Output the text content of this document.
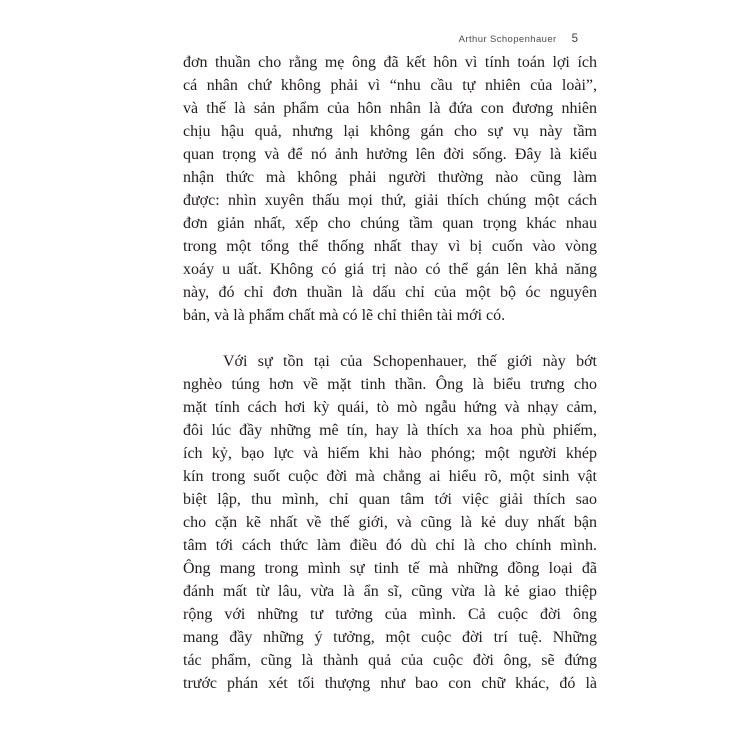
Arthur Schopenhauer 5
đơn thuần cho rằng mẹ ông đã kết hôn vì tính toán lợi ích
cá nhân chứ không phải vì “nhu cầu tự nhiên của loài”,
và thế là sản phẩm của hôn nhân là đứa con đương nhiên
chịu hậu quả, nhưng lại không gán cho sự vụ này tầm
quan trọng và để nó ảnh hưởng lên đời sống. Đây là kiểu
nhận thức mà không phải người thường nào cũng làm
được: nhìn xuyên thấu mọi thứ, giải thích chúng một cách
đơn giản nhất, xếp cho chúng tầm quan trọng khác nhau
trong một tổng thể thống nhất thay vì bị cuốn vào vòng
xoáy u uất. Không có giá trị nào có thể gán lên khả năng
này, đó chỉ đơn thuần là dấu chỉ của một bộ óc nguyên
bản, và là phẩm chất mà có lẽ chỉ thiên tài mới có.
Với sự tồn tại của Schopenhauer, thế giới này bớt
nghèo túng hơn về mặt tinh thần. Ông là biểu trưng cho
mặt tính cách hơi kỳ quái, tò mò ngẫu hứng và nhạy cảm,
đôi lúc đầy những mê tín, hay là thích xa hoa phù phiếm,
ích kỷ, bạo lực và hiếm khi hào phóng; một người khép
kín trong suốt cuộc đời mà chẳng ai hiểu rõ, một sinh vật
biệt lập, thu mình, chỉ quan tâm tới việc giải thích sao
cho cặn kẽ nhất về thế giới, và cũng là kẻ duy nhất bận
tâm tới cách thức làm điều đó dù chỉ là cho chính mình.
Ông mang trong mình sự tinh tế mà những đồng loại đã
đánh mất từ lâu, vừa là ẩn sĩ, cũng vừa là kẻ giao thiệp
rộng với những tư tưởng của mình. Cả cuộc đời ông
mang đầy những ý tưởng, một cuộc đời trí tuệ. Những
tác phẩm, cũng là thành quả của cuộc đời ông, sẽ đứng
trước phán xét tối thượng như bao con chữ khác, đó là
